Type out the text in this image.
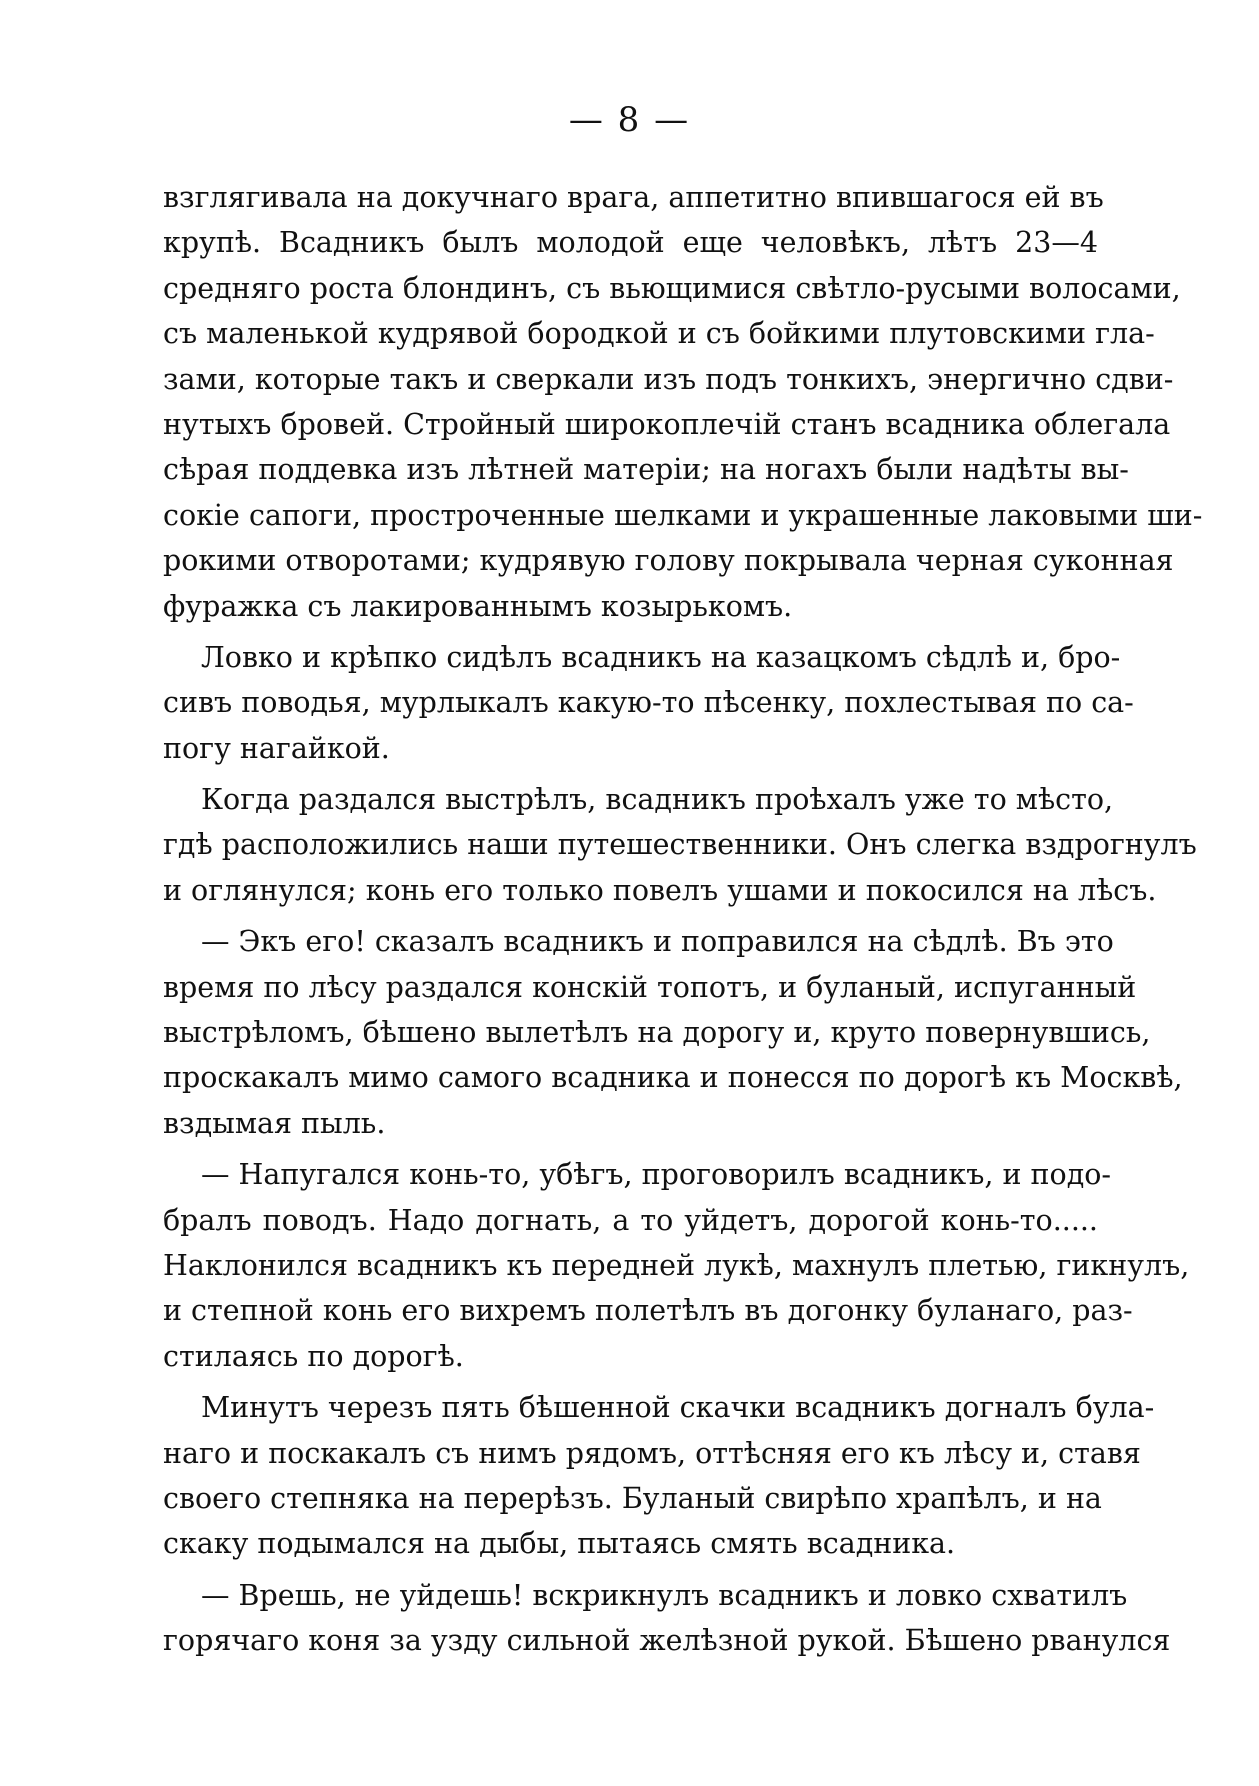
— 8 —
взглягивала на докучнаго врага, аппетитно впившагося ей въ
крупѣ. Всадникъ былъ молодой еще человѣкъ, лѣтъ 23—4
средняго роста блондинъ, съ вьющимися свѣтло-русыми волосами,
съ маленькой кудрявой бородкой и съ бойкими плутовскими гла-
зами, которые такъ и сверкали изъ подъ тонкихъ, энергично сдви-
нутыхъ бровей. Стройный широкоплечій станъ всадника облегала
сѣрая поддевка изъ лѣтней матеріи; на ногахъ были надѣты вы-
сокіе сапоги, простроченные шелками и украшенные лаковыми ши-
рокими отворотами; кудрявую голову покрывала черная суконная
фуражка съ лакированнымъ козырькомъ.
Ловко и крѣпко сидѣлъ всадникъ на казацкомъ сѣдлѣ и, бро-
сивъ поводья, мурлыкалъ какую-то пѣсенку, похлестывая по са-
погу нагайкой.
Когда раздался выстрѣлъ, всадникъ проѣхалъ уже то мѣсто,
гдѣ расположились наши путешественники. Онъ слегка вздрогнулъ
и оглянулся; конь его только повелъ ушами и покосился на лѣсъ.
— Экъ его! сказалъ всадникъ и поправился на сѣдлѣ. Въ это
время по лѣсу раздался конскій топотъ, и буланый, испуганный
выстрѣломъ, бѣшено вылетѣлъ на дорогу и, круто повернувшись,
проскакалъ мимо самого всадника и понесся по дорогѣ къ Москвѣ,
вздымая пыль.
— Напугался конь-то, убѣгъ, проговорилъ всадникъ, и подо-
бралъ поводъ. Надо догнать, а то уйдетъ, дорогой конь-то.....
Наклонился всадникъ къ передней лукѣ, махнулъ плетью, гикнулъ,
и степной конь его вихремъ полетѣлъ въ догонку буланаго, раз-
стилаясь по дорогѣ.
Минутъ черезъ пять бѣшенной скачки всадникъ догналъ була-
наго и поскакалъ съ нимъ рядомъ, оттѣсняя его къ лѣсу и, ставя
своего степняка на перерѣзъ. Буланый свирѣпо храпѣлъ, и на
скаку подымался на дыбы, пытаясь смять всадника.
— Врешь, не уйдешь! вскрикнулъ всадникъ и ловко схватилъ
горячаго коня за узду сильной желѣзной рукой. Бѣшено рванулся
